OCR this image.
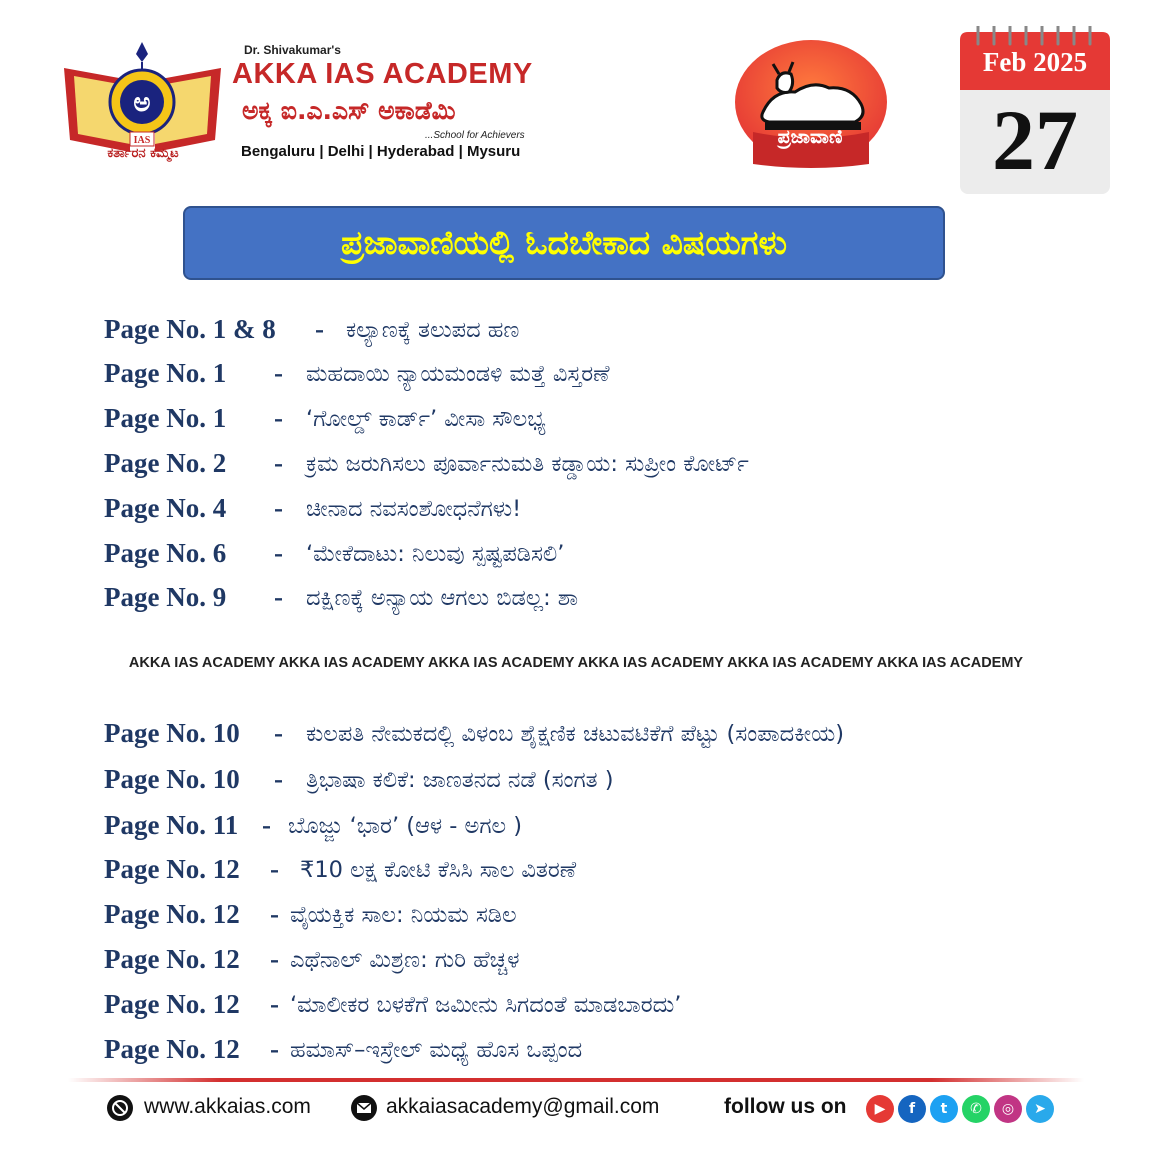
ಅ
IAS
ಕರ್ತಾರನ ಕಮ್ಮಟ
Dr. Shivakumar's
AKKA IAS ACADEMY
ಅಕ್ಕ ಐ.ಎ.ಎಸ್ ಅಕಾಡೆಮಿ
...School for Achievers
Bengaluru | Delhi | Hyderabad | Mysuru
ಪ್ರಜಾವಾಣಿ
Feb 2025
27
ಪ್ರಜಾವಾಣಿಯಲ್ಲಿ ಓದಬೇಕಾದ ವಿಷಯಗಳು
Page No. 1 & 8 - ಕಲ್ಯಾಣಕ್ಕೆ ತಲುಪದ ಹಣ
Page No. 1 - ಮಹದಾಯಿ ನ್ಯಾಯಮಂಡಳಿ ಮತ್ತೆ ವಿಸ್ತರಣೆ
Page No. 1 - ‘ಗೋಲ್ಡ್ ಕಾರ್ಡ್’ ವೀಸಾ ಸೌಲಭ್ಯ
Page No. 2 - ಕ್ರಮ ಜರುಗಿಸಲು ಪೂರ್ವಾನುಮತಿ ಕಡ್ಡಾಯ: ಸುಪ್ರೀಂ ಕೋರ್ಟ್
Page No. 4 - ಚೀನಾದ ನವಸಂಶೋಧನೆಗಳು!
Page No. 6 - ‘ಮೇಕೆದಾಟು: ನಿಲುವು ಸ್ಪಷ್ಟಪಡಿಸಲಿ’
Page No. 9 - ದಕ್ಷಿಣಕ್ಕೆ ಅನ್ಯಾಯ ಆಗಲು ಬಿಡಲ್ಲ: ಶಾ
AKKA IAS ACADEMY AKKA IAS ACADEMY AKKA IAS ACADEMY AKKA IAS ACADEMY AKKA IAS ACADEMY AKKA IAS ACADEMY
Page No. 10 - ಕುಲಪತಿ ನೇಮಕದಲ್ಲಿ ವಿಳಂಬ ಶೈಕ್ಷಣಿಕ ಚಟುವಟಿಕೆಗೆ ಪೆಟ್ಟು (ಸಂಪಾದಕೀಯ)
Page No. 10 - ತ್ರಿಭಾಷಾ ಕಲಿಕೆ: ಜಾಣತನದ ನಡೆ (ಸಂಗತ )
Page No. 11 - ಬೊಜ್ಜು ‘ಭಾರ’ (ಆಳ - ಅಗಲ )
Page No. 12 - ₹10 ಲಕ್ಷ ಕೋಟಿ ಕೆಸಿಸಿ ಸಾಲ ವಿತರಣೆ
Page No. 12 - ವೈಯಕ್ತಿಕ ಸಾಲ: ನಿಯಮ ಸಡಿಲ
Page No. 12 - ಎಥೆನಾಲ್ ಮಿಶ್ರಣ: ಗುರಿ ಹೆಚ್ಚಳ
Page No. 12 - ‘ಮಾಲೀಕರ ಬಳಕೆಗೆ ಜಮೀನು ಸಿಗದಂತೆ ಮಾಡಬಾರದು’
Page No. 12 - ಹಮಾಸ್–ಇಸ್ರೇಲ್ ಮಧ್ಯೆ ಹೊಸ ಒಪ್ಪಂದ
www.akkaias.com	akkaiasacademy@gmail.com	follow us on	▶	f	t	✆	◎	➤
